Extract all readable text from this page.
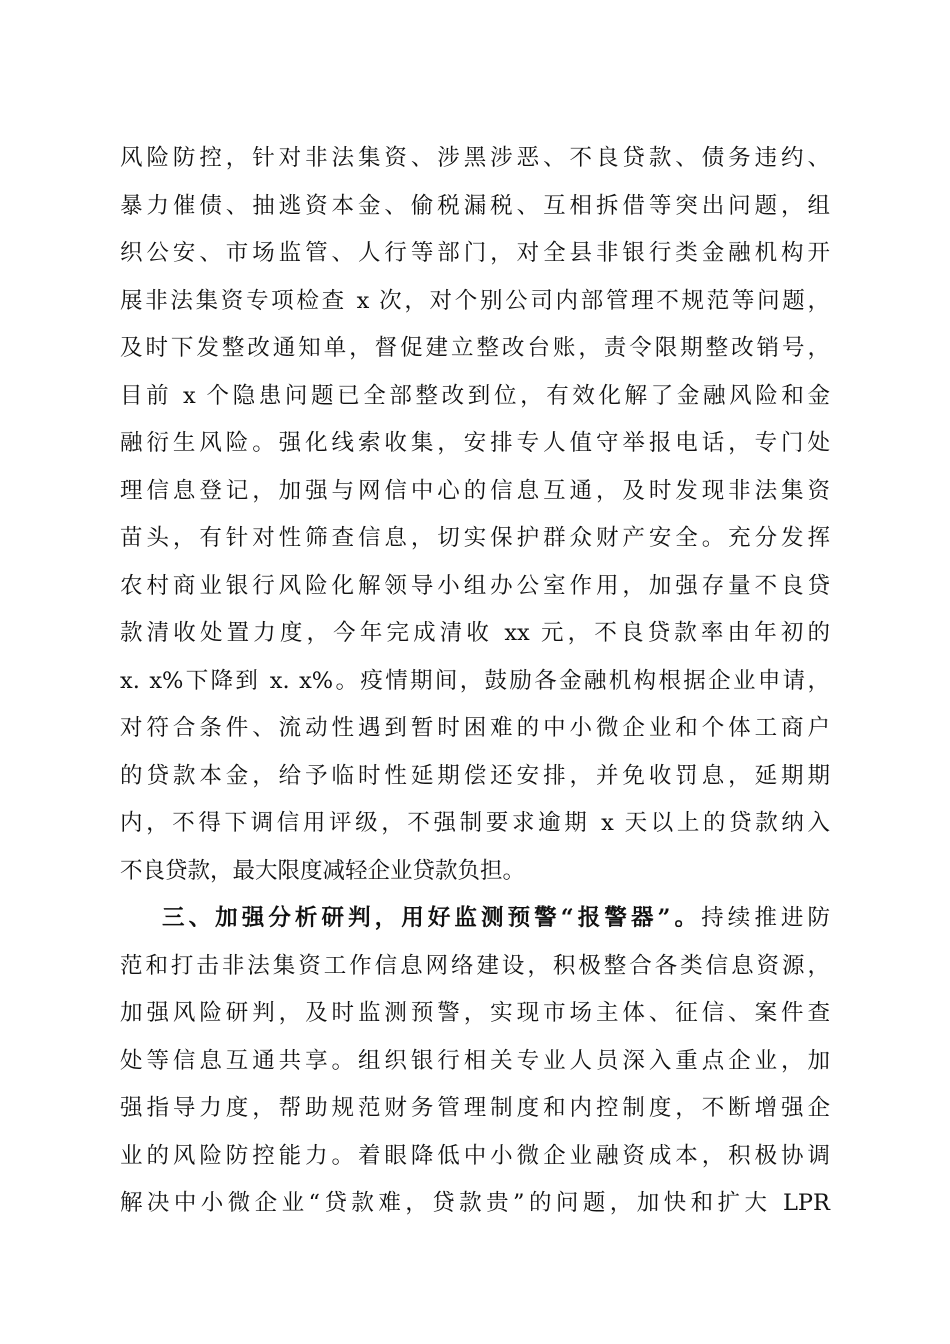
风险防控，针对非法集资、涉黑涉恶、不良贷款、债务违约、
暴力催债、抽逃资本金、偷税漏税、互相拆借等突出问题，组
织公安、市场监管、人行等部门，对全县非银行类金融机构开
展非法集资专项检查 x 次，对个别公司内部管理不规范等问题，
及时下发整改通知单，督促建立整改台账，责令限期整改销号，
目前 x 个隐患问题已全部整改到位，有效化解了金融风险和金
融衍生风险。强化线索收集，安排专人值守举报电话，专门处
理信息登记，加强与网信中心的信息互通，及时发现非法集资
苗头，有针对性筛查信息，切实保护群众财产安全。充分发挥
农村商业银行风险化解领导小组办公室作用，加强存量不良贷
款清收处置力度，今年完成清收 xx 元，不良贷款率由年初的
x. x%下降到 x. x%。疫情期间，鼓励各金融机构根据企业申请，
对符合条件、流动性遇到暂时困难的中小微企业和个体工商户
的贷款本金，给予临时性延期偿还安排，并免收罚息，延期期
内，不得下调信用评级，不强制要求逾期 x 天以上的贷款纳入
不良贷款，最大限度减轻企业贷款负担。
三、加强分析研判，用好监测预警“报警器”。持续推进防
范和打击非法集资工作信息网络建设，积极整合各类信息资源，
加强风险研判，及时监测预警，实现市场主体、征信、案件查
处等信息互通共享。组织银行相关专业人员深入重点企业，加
强指导力度，帮助规范财务管理制度和内控制度，不断增强企
业的风险防控能力。着眼降低中小微企业融资成本，积极协调
解决中小微企业“贷款难，贷款贵”的问题，加快和扩大 LPR
